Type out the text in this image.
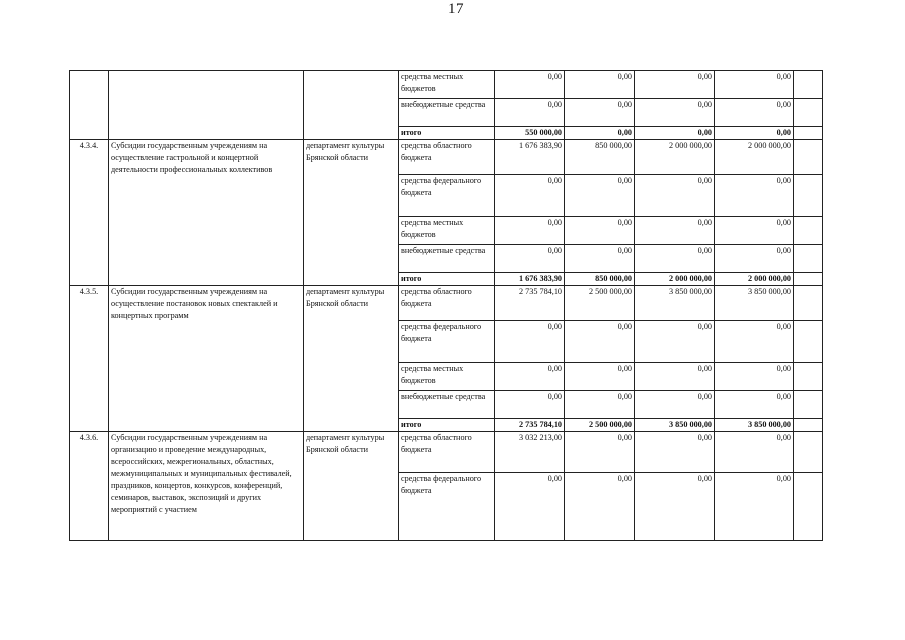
17
			средства местных бюджетов	0,00	0,00	0,00	0,00	
			внебюджетные средства	0,00	0,00	0,00	0,00	
			итого	550 000,00	0,00	0,00	0,00	
4.3.4.	Субсидии государственным учреждениям на осуществление гастрольной и концертной деятельности профессиональных коллективов	департамент культуры Брянской области	средства областного бюджета	1 676 383,90	850 000,00	2 000 000,00	2 000 000,00	
			средства федерального бюджета	0,00	0,00	0,00	0,00	
			средства местных бюджетов	0,00	0,00	0,00	0,00	
			внебюджетные средства	0,00	0,00	0,00	0,00	
			итого	1 676 383,90	850 000,00	2 000 000,00	2 000 000,00	
4.3.5.	Субсидии государственным учреждениям на осуществление постановок новых спектаклей и концертных программ	департамент культуры Брянской области	средства областного бюджета	2 735 784,10	2 500 000,00	3 850 000,00	3 850 000,00	
			средства федерального бюджета	0,00	0,00	0,00	0,00	
			средства местных бюджетов	0,00	0,00	0,00	0,00	
			внебюджетные средства	0,00	0,00	0,00	0,00	
			итого	2 735 784,10	2 500 000,00	3 850 000,00	3 850 000,00	
4.3.6.	Субсидии государственным учреждениям на организацию и проведение международных, всероссийских, межрегиональных, областных, межмуниципальных и муниципальных фестивалей, праздников, концертов, конкурсов, конференций, семинаров, выставок, экспозиций и других мероприятий с участием	департамент культуры Брянской области	средства областного бюджета	3 032 213,00	0,00	0,00	0,00	
			средства федерального бюджета	0,00	0,00	0,00	0,00	
